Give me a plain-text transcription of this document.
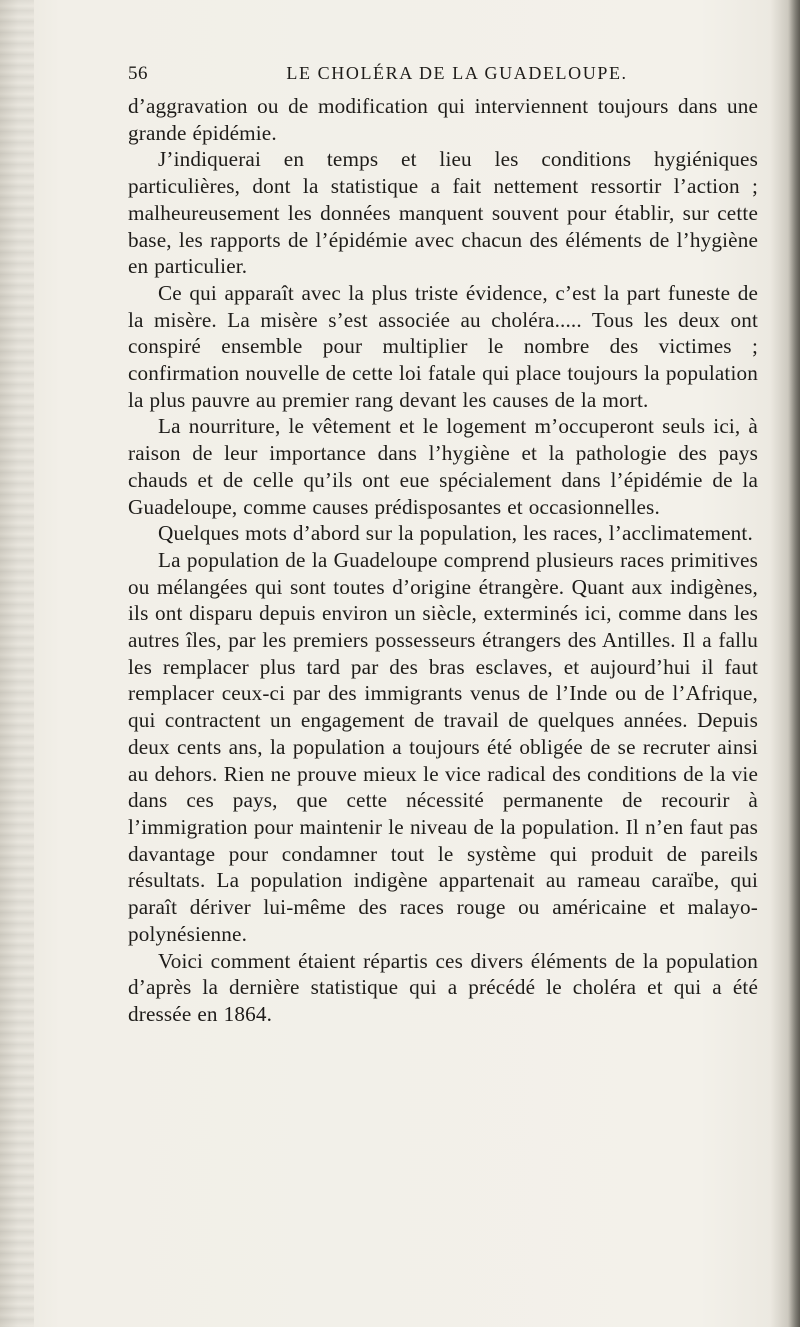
56	LE CHOLÉRA DE LA GUADELOUPE.

d’aggravation ou de modification qui interviennent toujours dans une grande épidémie.

J’indiquerai en temps et lieu les conditions hygiéniques particulières, dont la statistique a fait nettement ressortir l’action ; malheureusement les données manquent souvent pour établir, sur cette base, les rapports de l’épidémie avec chacun des éléments de l’hygiène en particulier.

Ce qui apparaît avec la plus triste évidence, c’est la part funeste de la misère. La misère s’est associée au choléra..... Tous les deux ont conspiré ensemble pour multiplier le nombre des victimes ; confirmation nouvelle de cette loi fatale qui place toujours la population la plus pauvre au premier rang devant les causes de la mort.

La nourriture, le vêtement et le logement m’occuperont seuls ici, à raison de leur importance dans l’hygiène et la pathologie des pays chauds et de celle qu’ils ont eue spécialement dans l’épidémie de la Guadeloupe, comme causes prédisposantes et occasionnelles.

Quelques mots d’abord sur la population, les races, l’acclimatement.

La population de la Guadeloupe comprend plusieurs races primitives ou mélangées qui sont toutes d’origine étrangère. Quant aux indigènes, ils ont disparu depuis environ un siècle, exterminés ici, comme dans les autres îles, par les premiers possesseurs étrangers des Antilles. Il a fallu les remplacer plus tard par des bras esclaves, et aujourd’hui il faut remplacer ceux-ci par des immigrants venus de l’Inde ou de l’Afrique, qui contractent un engagement de travail de quelques années. Depuis deux cents ans, la population a toujours été obligée de se recruter ainsi au dehors. Rien ne prouve mieux le vice radical des conditions de la vie dans ces pays, que cette nécessité permanente de recourir à l’immigration pour maintenir le niveau de la population. Il n’en faut pas davantage pour condamner tout le système qui produit de pareils résultats. La population indigène appartenait au rameau caraïbe, qui paraît dériver lui-même des races rouge ou américaine et malayo-polynésienne.

Voici comment étaient répartis ces divers éléments de la population d’après la dernière statistique qui a précédé le choléra et qui a été dressée en 1864.
